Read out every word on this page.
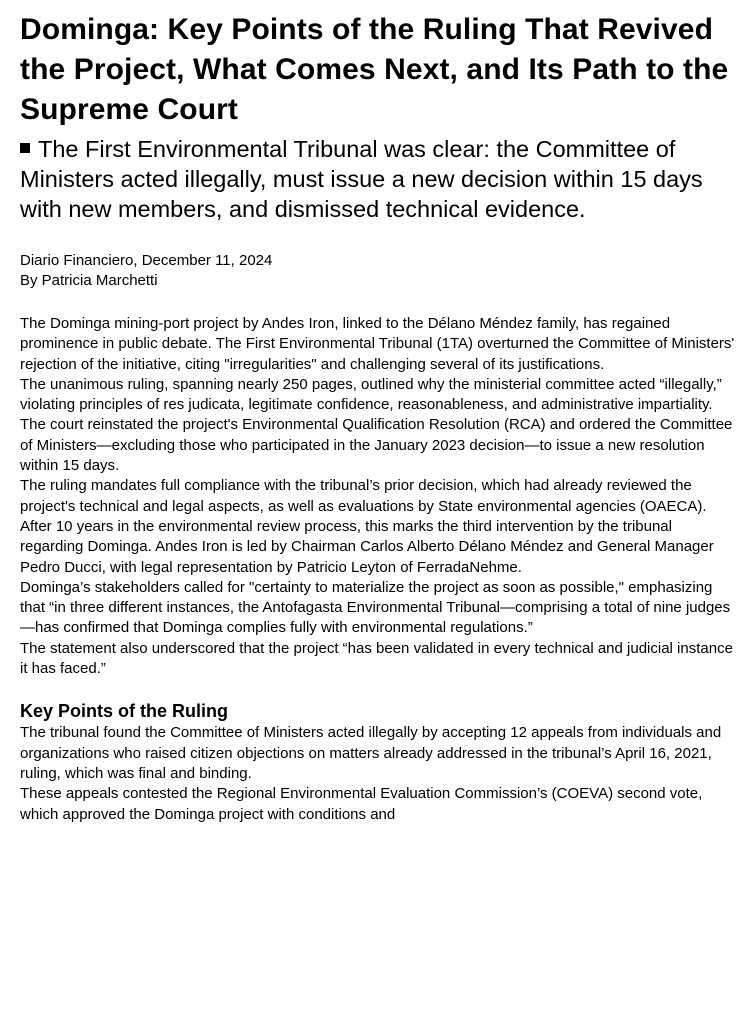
Dominga: Key Points of the Ruling That Revived the Project, What Comes Next, and Its Path to the Supreme Court
The First Environmental Tribunal was clear: the Committee of Ministers acted illegally, must issue a new decision within 15 days with new members, and dismissed technical evidence.
Diario Financiero, December 11, 2024
By Patricia Marchetti

The Dominga mining-port project by Andes Iron, linked to the Délano Méndez family, has regained prominence in public debate. The First Environmental Tribunal (1TA) overturned the Committee of Ministers' rejection of the initiative, citing "irregularities" and challenging several of its justifications.

The unanimous ruling, spanning nearly 250 pages, outlined why the ministerial committee acted “illegally,” violating principles of res judicata, legitimate confidence, reasonableness, and administrative impartiality.

The court reinstated the project's Environmental Qualification Resolution (RCA) and ordered the Committee of Ministers—excluding those who participated in the January 2023 decision—to issue a new resolution within 15 days.

The ruling mandates full compliance with the tribunal’s prior decision, which had already reviewed the project's technical and legal aspects, as well as evaluations by State environmental agencies (OAECA).

After 10 years in the environmental review process, this marks the third intervention by the tribunal regarding Dominga. Andes Iron is led by Chairman Carlos Alberto Délano Méndez and General Manager Pedro Ducci, with legal representation by Patricio Leyton of FerradaNehme.

Dominga’s stakeholders called for "certainty to materialize the project as soon as possible," emphasizing that “in three different instances, the Antofagasta Environmental Tribunal—comprising a total of nine judges—has confirmed that Dominga complies fully with environmental regulations.”

The statement also underscored that the project “has been validated in every technical and judicial instance it has faced.”

Key Points of the Ruling

The tribunal found the Committee of Ministers acted illegally by accepting 12 appeals from individuals and organizations who raised citizen objections on matters already addressed in the tribunal’s April 16, 2021, ruling, which was final and binding.

These appeals contested the Regional Environmental Evaluation Commission’s (COEVA) second vote, which approved the Dominga project with conditions and
